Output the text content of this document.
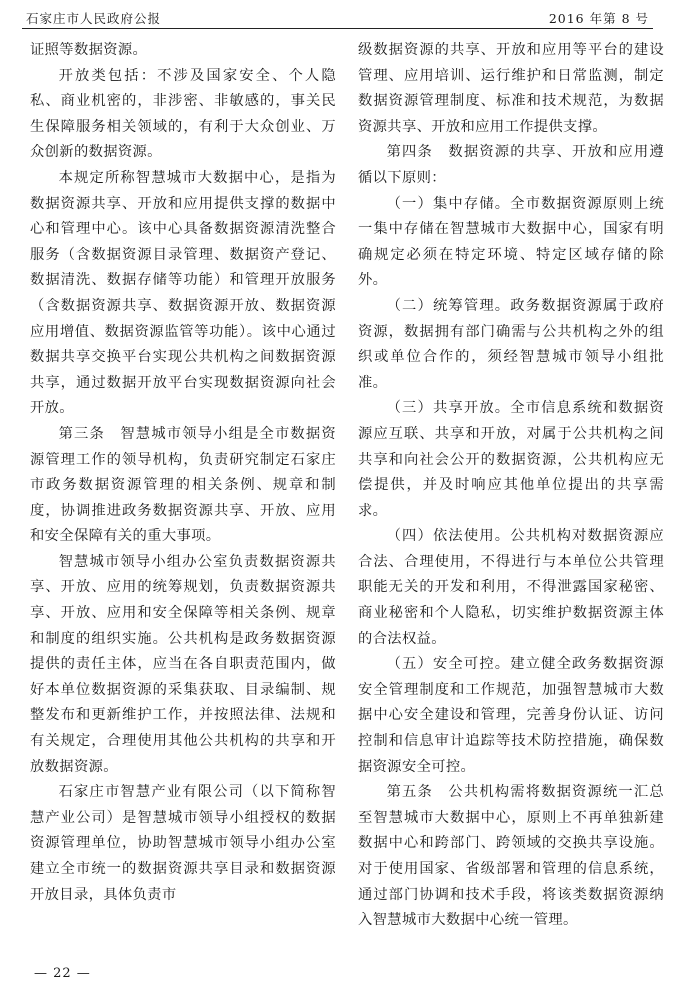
石家庄市人民政府公报	2016 年第 8 号

证照等数据资源。

开放类包括：不涉及国家安全、个人隐私、商业机密的，非涉密、非敏感的，事关民生保障服务相关领域的，有利于大众创业、万众创新的数据资源。

本规定所称智慧城市大数据中心，是指为数据资源共享、开放和应用提供支撑的数据中心和管理中心。该中心具备数据资源清洗整合服务（含数据资源目录管理、数据资产登记、数据清洗、数据存储等功能）和管理开放服务（含数据资源共享、数据资源开放、数据资源应用增值、数据资源监管等功能）。该中心通过数据共享交换平台实现公共机构之间数据资源共享，通过数据开放平台实现数据资源向社会开放。

第三条　智慧城市领导小组是全市数据资源管理工作的领导机构，负责研究制定石家庄市政务数据资源管理的相关条例、规章和制度，协调推进政务数据资源共享、开放、应用和安全保障有关的重大事项。

智慧城市领导小组办公室负责数据资源共享、开放、应用的统筹规划，负责数据资源共享、开放、应用和安全保障等相关条例、规章和制度的组织实施。公共机构是政务数据资源提供的责任主体，应当在各自职责范围内，做好本单位数据资源的采集获取、目录编制、规整发布和更新维护工作，并按照法律、法规和有关规定，合理使用其他公共机构的共享和开放数据资源。

石家庄市智慧产业有限公司（以下简称智慧产业公司）是智慧城市领导小组授权的数据资源管理单位，协助智慧城市领导小组办公室建立全市统一的数据资源共享目录和数据资源开放目录，具体负责市

级数据资源的共享、开放和应用等平台的建设管理、应用培训、运行维护和日常监测，制定数据资源管理制度、标准和技术规范，为数据资源共享、开放和应用工作提供支撑。

第四条　数据资源的共享、开放和应用遵循以下原则：

（一）集中存储。全市数据资源原则上统一集中存储在智慧城市大数据中心，国家有明确规定必须在特定环境、特定区域存储的除外。

（二）统筹管理。政务数据资源属于政府资源，数据拥有部门确需与公共机构之外的组织或单位合作的，须经智慧城市领导小组批准。

（三）共享开放。全市信息系统和数据资源应互联、共享和开放，对属于公共机构之间共享和向社会公开的数据资源，公共机构应无偿提供，并及时响应其他单位提出的共享需求。

（四）依法使用。公共机构对数据资源应合法、合理使用，不得进行与本单位公共管理职能无关的开发和利用，不得泄露国家秘密、商业秘密和个人隐私，切实维护数据资源主体的合法权益。

（五）安全可控。建立健全政务数据资源安全管理制度和工作规范，加强智慧城市大数据中心安全建设和管理，完善身份认证、访问控制和信息审计追踪等技术防控措施，确保数据资源安全可控。

第五条　公共机构需将数据资源统一汇总至智慧城市大数据中心，原则上不再单独新建数据中心和跨部门、跨领域的交换共享设施。对于使用国家、省级部署和管理的信息系统，通过部门协调和技术手段，将该类数据资源纳入智慧城市大数据中心统一管理。

— 22 —
